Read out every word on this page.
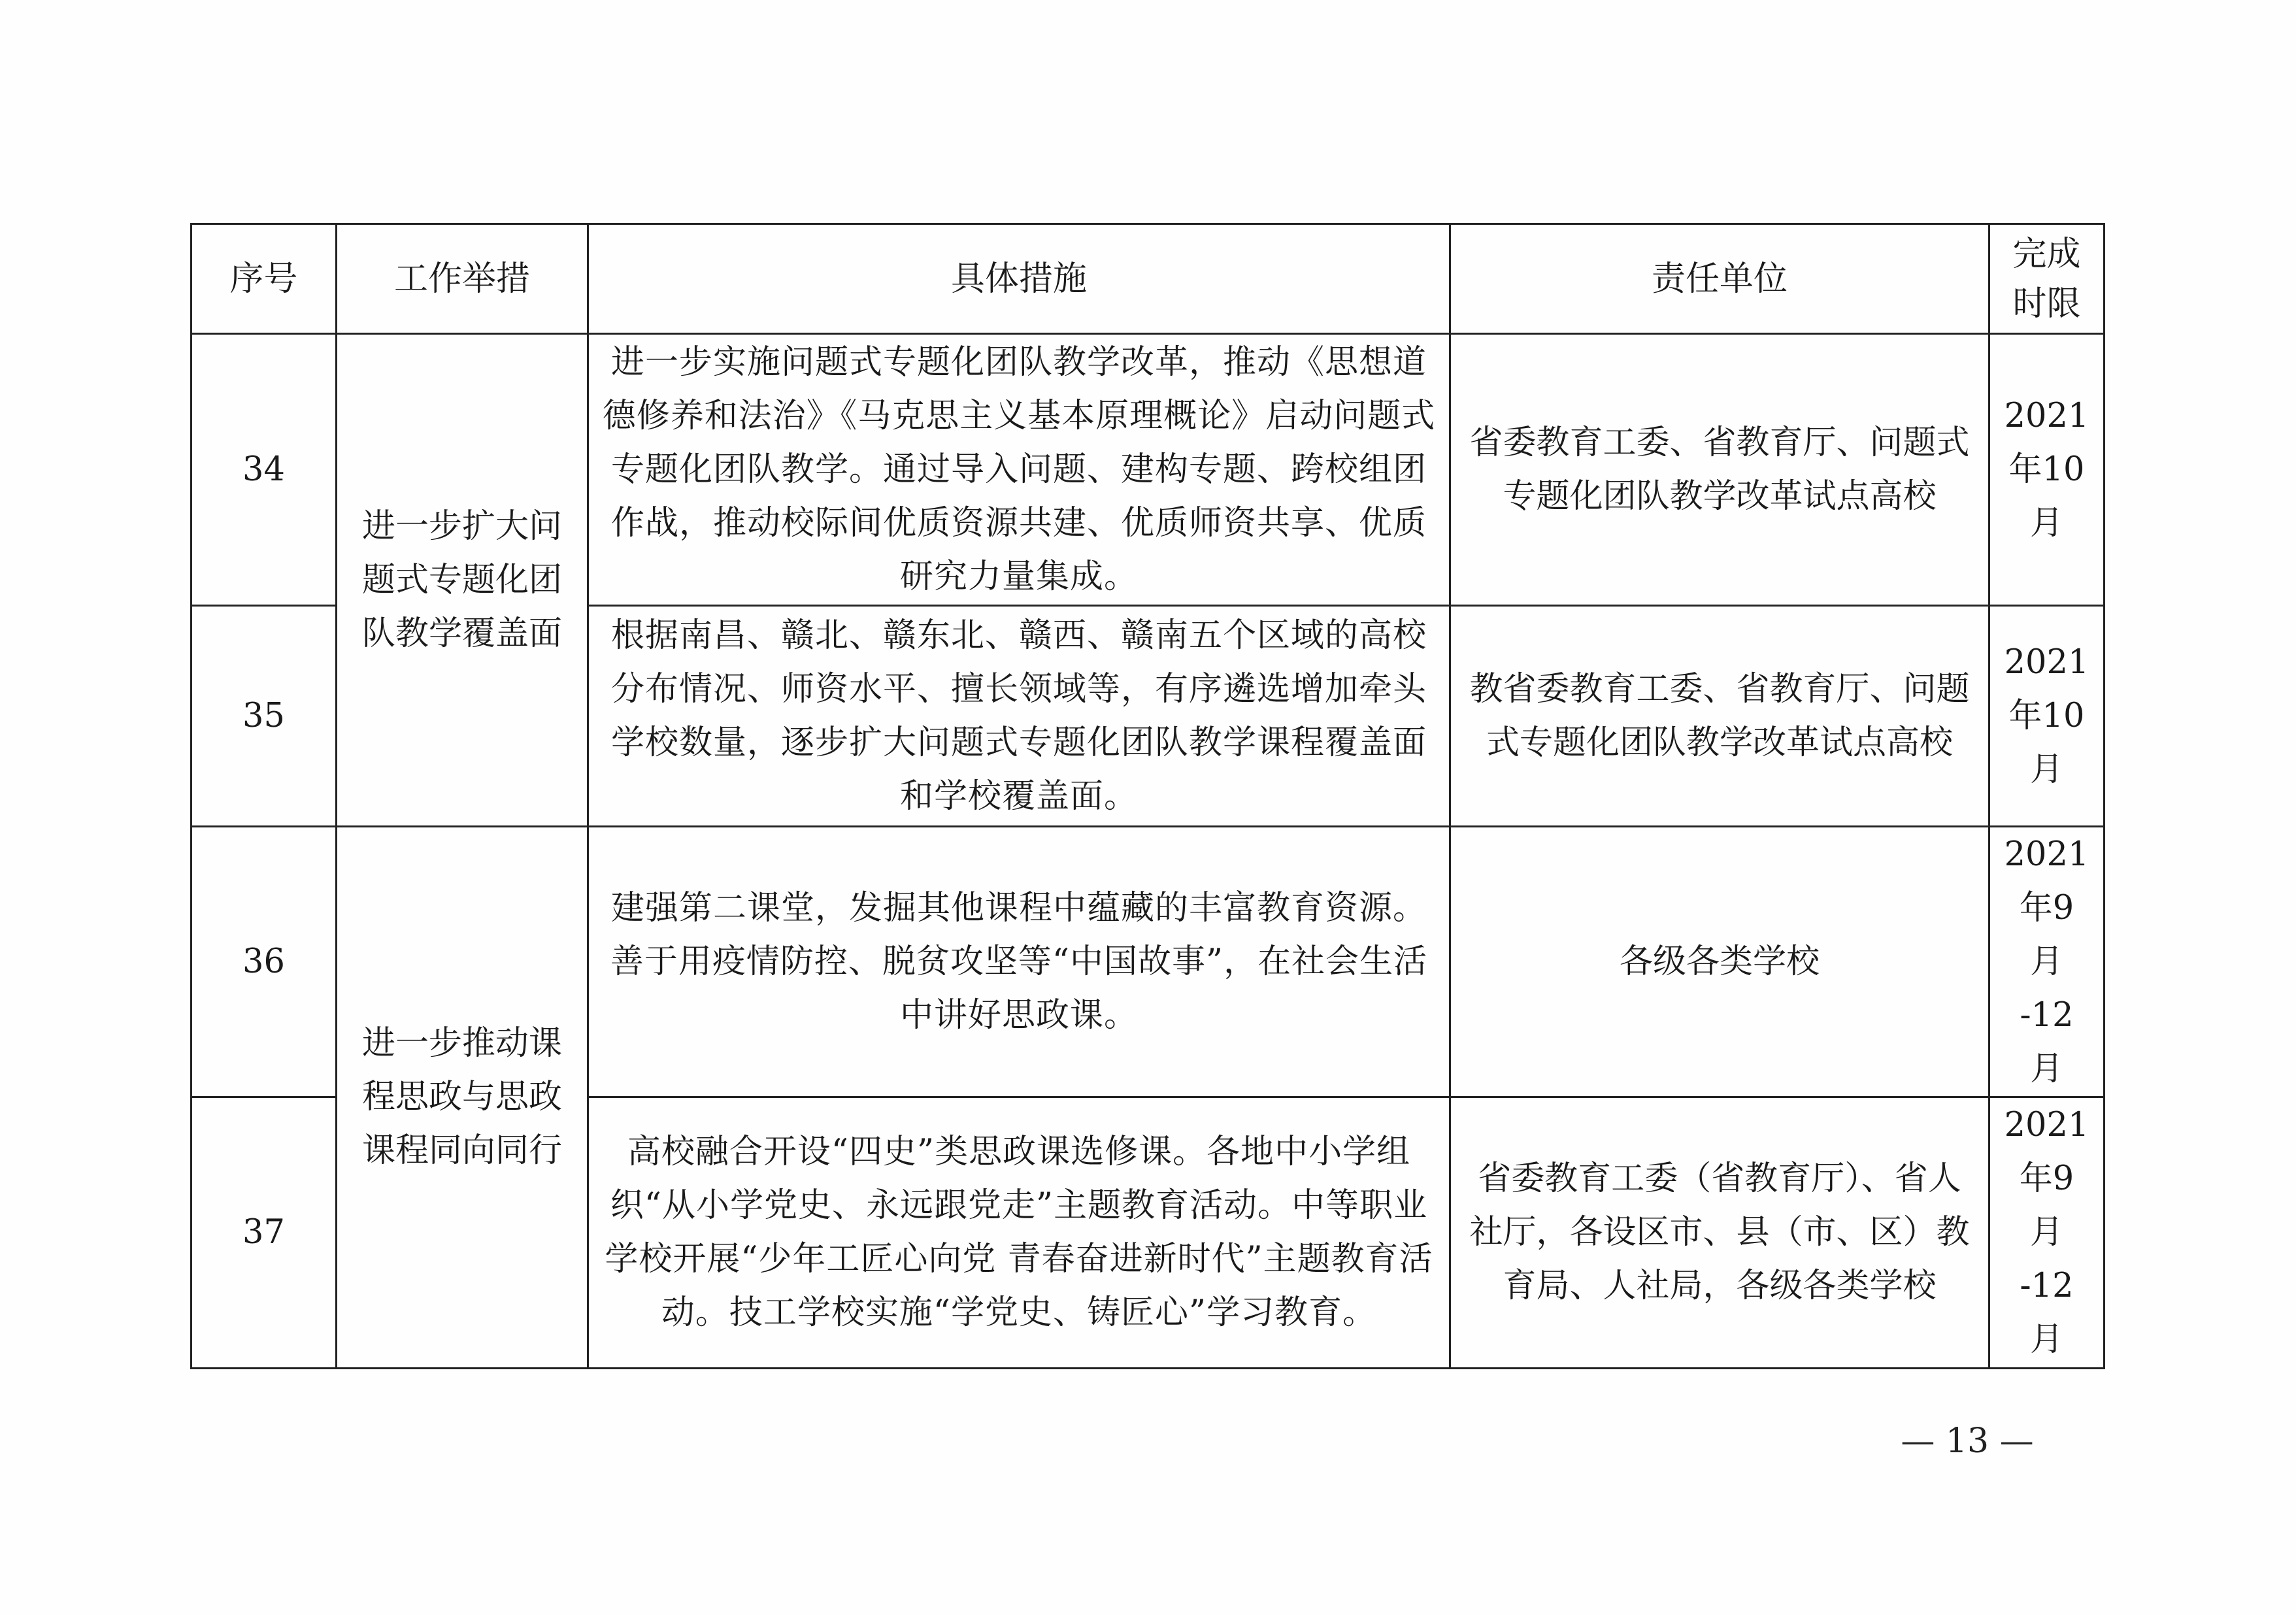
序号	工作举措	具体措施	责任单位	完成
时限

34	进一步扩大问题式专题化团队教学覆盖面	进一步实施问题式专题化团队教学改革，推动《思想道德修养和法治》《马克思主义基本原理概论》启动问题式专题化团队教学。通过导入问题、建构专题、跨校组团作战，推动校际间优质资源共建、优质师资共享、优质研究力量集成。	省委教育工委、省教育厅、问题式专题化团队教学改革试点高校	2021
年10
月

35		根据南昌、赣北、赣东北、赣西、赣南五个区域的高校分布情况、师资水平、擅长领域等，有序遴选增加牵头学校数量，逐步扩大问题式专题化团队教学课程覆盖面和学校覆盖面。	教省委教育工委、省教育厅、问题式专题化团队教学改革试点高校	2021
年10
月

36	进一步推动课程思政与思政课程同向同行	建强第二课堂，发掘其他课程中蕴藏的丰富教育资源。善于用疫情防控、脱贫攻坚等“中国故事”，在社会生活中讲好思政课。	各级各类学校	2021
年9
月
-12
月

37		高校融合开设“四史”类思政课选修课。各地中小学组织“从小学党史、永远跟党走”主题教育活动。中等职业学校开展“少年工匠心向党 青春奋进新时代”主题教育活动。技工学校实施“学党史、铸匠心”学习教育。	省委教育工委（省教育厅）、省人社厅，各设区市、县（市、区）教育局、人社局，各级各类学校	2021
年9
月
-12
月
— 13 —
